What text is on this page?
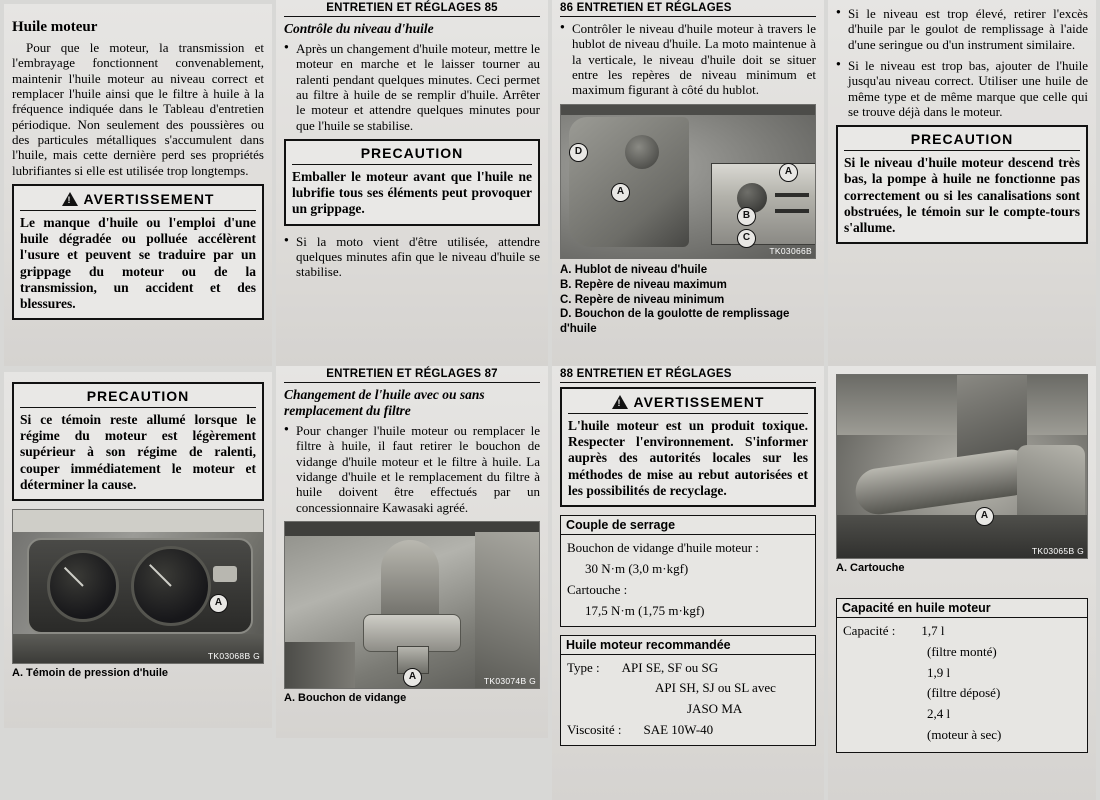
Huile moteur

Pour que le moteur, la transmission et l'embrayage fonctionnent convenablement, maintenir l'huile moteur au niveau correct et remplacer l'huile ainsi que le filtre à huile à la fréquence indiquée dans le Tableau d'entretien périodique. Non seulement des poussières ou des particules métalliques s'accumulent dans l'huile, mais cette dernière perd ses propriétés lubrifiantes si elle est utilisée trop longtemps.

!AVERTISSEMENT

Le manque d'huile ou l'emploi d'une huile dégradée ou polluée accélèrent l'usure et peuvent se traduire par un grippage du moteur ou de la transmission, un accident et des blessures.

ENTRETIEN ET RÉGLAGES 85
Contrôle du niveau d'huile
● Après un changement d'huile moteur, mettre le moteur en marche et le laisser tourner au ralenti pendant quelques minutes. Ceci permet au filtre à huile de se remplir d'huile. Arrêter le moteur et attendre quelques minutes pour que l'huile se stabilise.
PRECAUTION

Emballer le moteur avant que l'huile ne lubrifie tous ses éléments peut provoquer un grippage.

● Si la moto vient d'être utilisée, attendre quelques minutes afin que le niveau d'huile se stabilise.
86 ENTRETIEN ET RÉGLAGES
● Contrôler le niveau d'huile moteur à travers le hublot de niveau d'huile. La moto maintenue à la verticale, le niveau d'huile doit se situer entre les repères de niveau minimum et maximum figurant à côté du hublot.
D
A
A
B
C
TK03066B
A. Hublot de niveau d'huile
B. Repère de niveau maximum
C. Repère de niveau minimum
D. Bouchon de la goulotte de remplissage d'huile
● Si le niveau est trop élevé, retirer l'excès d'huile par le goulot de remplissage à l'aide d'une seringue ou d'un instrument similaire.
● Si le niveau est trop bas, ajouter de l'huile jusqu'au niveau correct. Utiliser une huile de même type et de même marque que celle qui se trouve déjà dans le moteur.
PRECAUTION

Si le niveau d'huile moteur descend très bas, la pompe à huile ne fonctionne pas correctement ou si les canalisations sont obstruées, le témoin sur le compte-tours s'allume.

PRECAUTION

Si ce témoin reste allumé lorsque le régime du moteur est légèrement supérieur à son régime de ralenti, couper immédiatement le moteur et déterminer la cause.

A
TK03068B G
A. Témoin de pression d'huile
ENTRETIEN ET RÉGLAGES 87
Changement de l'huile avec ou sans remplacement du filtre
● Pour changer l'huile moteur ou remplacer le filtre à huile, il faut retirer le bouchon de vidange d'huile moteur et le filtre à huile. La vidange d'huile et le remplacement du filtre à huile doivent être effectués par un concessionnaire Kawasaki agréé.
A	TK03074B G
A. Bouchon de vidange
88 ENTRETIEN ET RÉGLAGES
!AVERTISSEMENT

L'huile moteur est un produit toxique. Respecter l'environnement. S'informer auprès des autorités locales sur les méthodes de mise au rebut autorisées et les possibilités de recyclage.

Couple de serrage
Bouchon de vidange d'huile moteur :
30 N·m (3,0 m·kgf)
Cartouche :
17,5 N·m (1,75 m·kgf)
Huile moteur recommandée
Type : API SE, SF ou SG
API SH, SJ ou SL avec
JASO MA
Viscosité : SAE 10W-40
A
TK03065B G
A. Cartouche
Capacité en huile moteur
Capacité : 1,7 l
(filtre monté)
1,9 l
(filtre déposé)
2,4 l
(moteur à sec)
